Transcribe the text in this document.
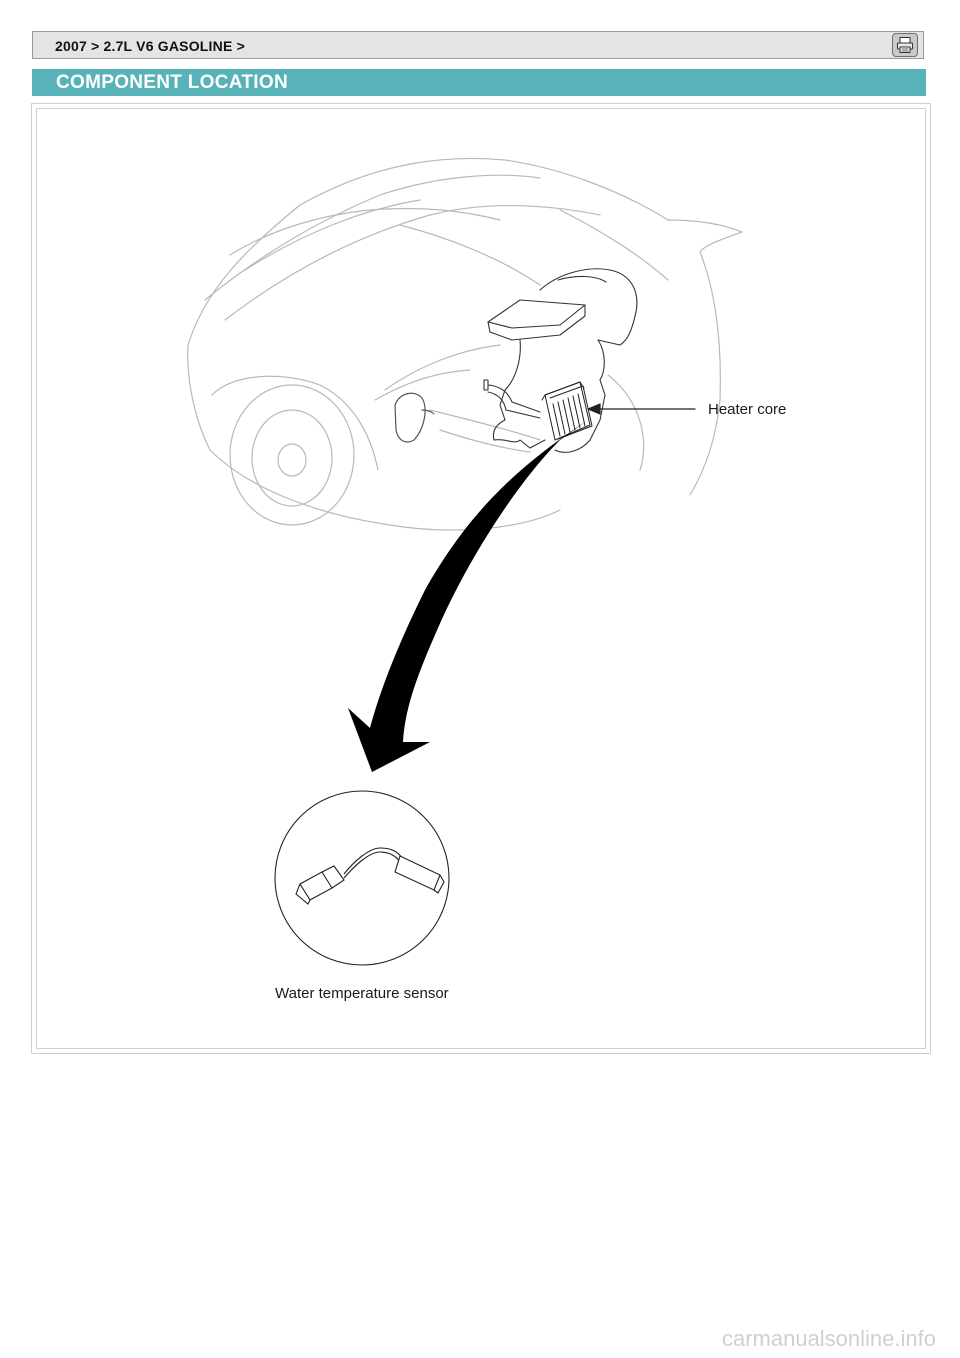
2007 > 2.7L V6 GASOLINE >
COMPONENT LOCATION
Heater core
Water temperature sensor
carmanualsonline.info
